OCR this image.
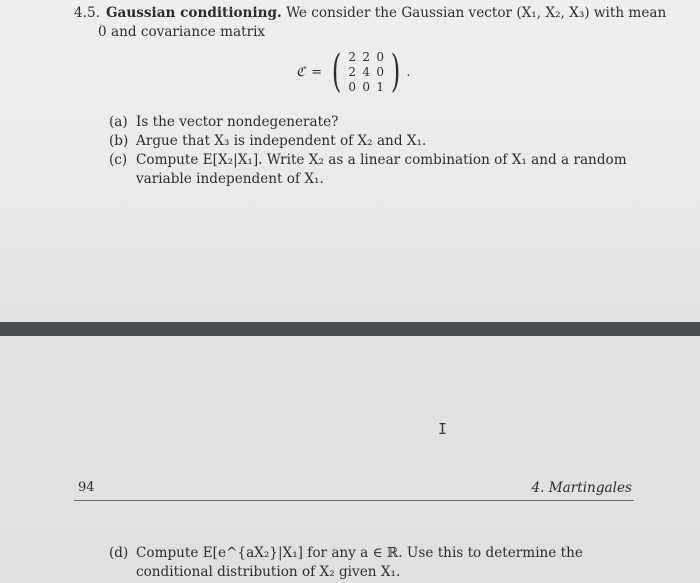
4.5. Gaussian conditioning. We consider the Gaussian vector (X₁, X₂, X₃) with mean
0 and covariance matrix
ℭ = ( 2 2 0
2 4 0
0 0 1 ) .
(a) Is the vector nondegenerate?
(b) Argue that X₃ is independent of X₂ and X₁.
(c) Compute E[X₂|X₁]. Write X₂ as a linear combination of X₁ and a random variable independent of X₁.
I
94	4. Martingales
(d) Compute E[e^{aX₂}|X₁] for any a ∈ ℝ. Use this to determine the conditional distribution of X₂ given X₁.
